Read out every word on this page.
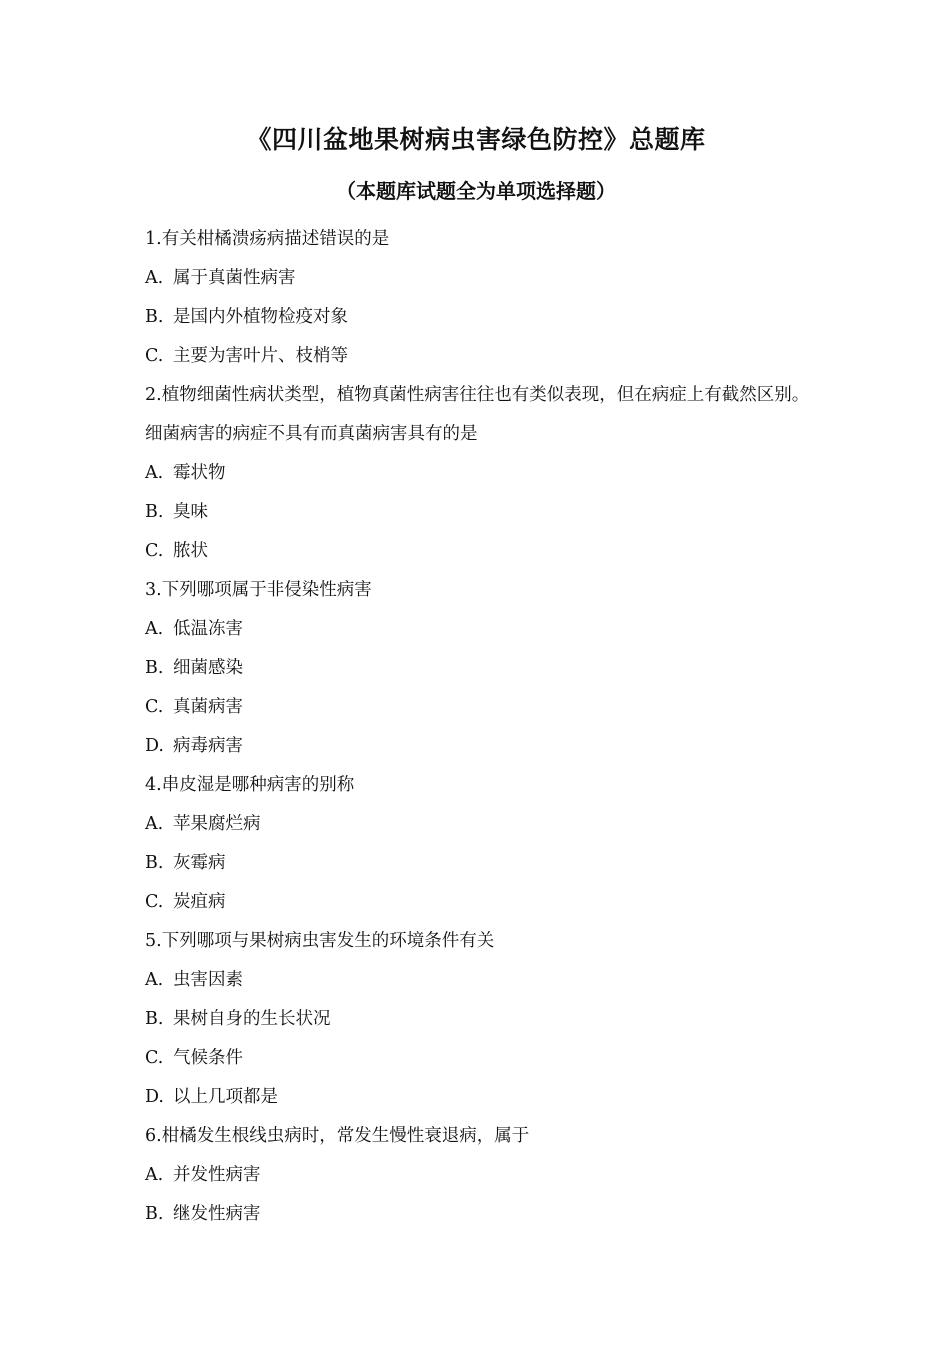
《四川盆地果树病虫害绿色防控》总题库
（本题库试题全为单项选择题）

1 . 有关柑橘溃疡病描述错误的是

A. 属于真菌性病害

B. 是国内外植物检疫对象

C. 主要为害叶片、枝梢等

2 . 植物细菌性病状类型，植物真菌性病害往往也有类似表现，但在病症上有截然区别。细菌病害的病症不具有而真菌病害具有的是

A. 霉状物

B. 臭味

C. 脓状

3 . 下列哪项属于非侵染性病害

A. 低温冻害

B. 细菌感染

C. 真菌病害

D. 病毒病害

4 . 串皮湿是哪种病害的别称

A. 苹果腐烂病

B. 灰霉病

C. 炭疽病

5 . 下列哪项与果树病虫害发生的环境条件有关

A. 虫害因素

B. 果树自身的生长状况

C. 气候条件

D. 以上几项都是

6 . 柑橘发生根线虫病时，常发生慢性衰退病，属于

A. 并发性病害

B. 继发性病害
